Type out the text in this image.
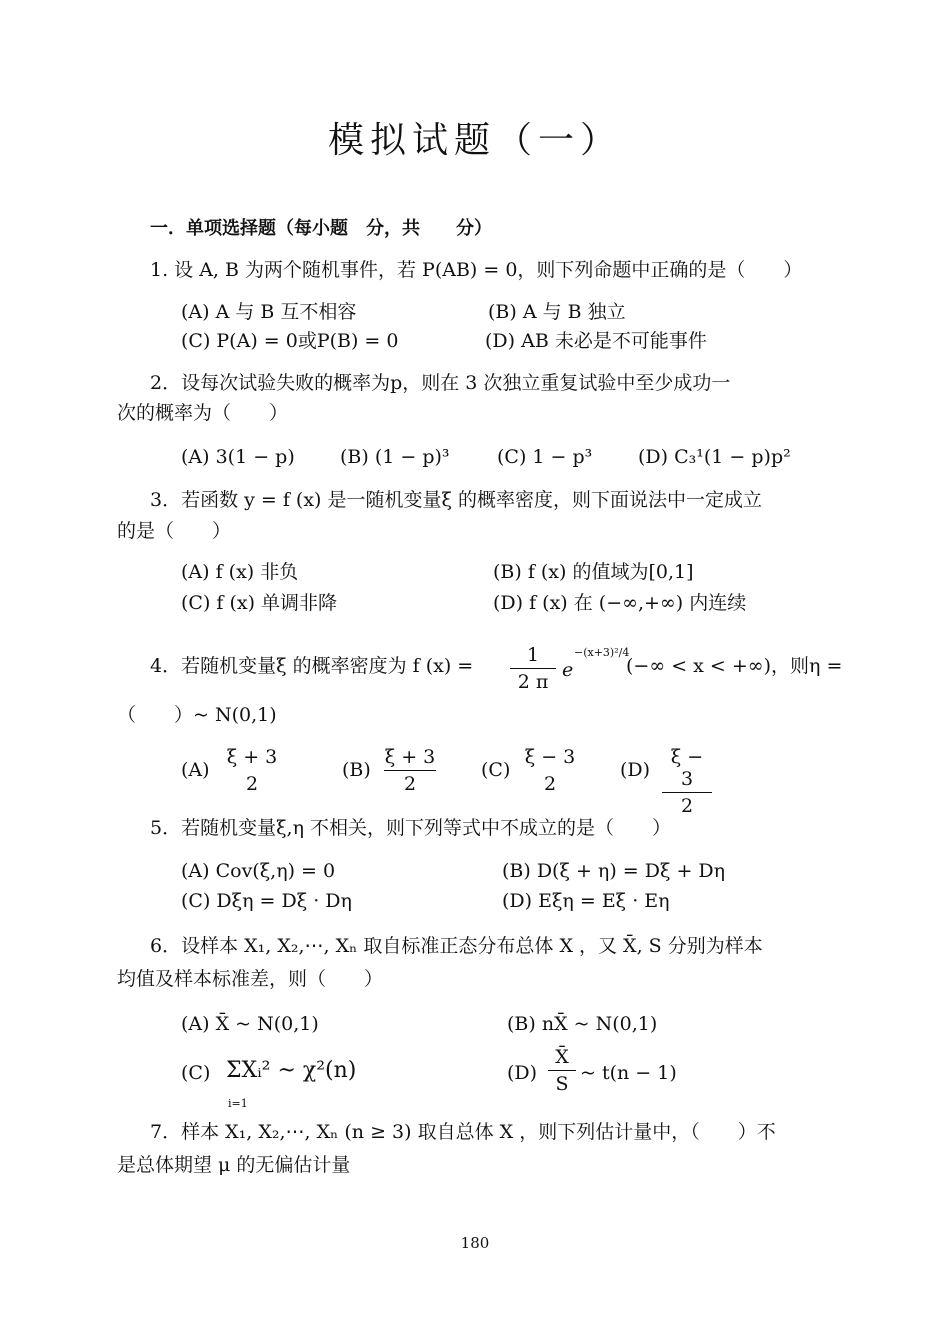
模拟试题（一）
一．单项选择题（每小题　分，共　　分）
1. 设 A, B 为两个随机事件，若 P(AB) = 0，则下列命题中正确的是（　　）
(A) A 与 B 互不相容	(B) A 与 B 独立
(C) P(A) = 0或P(B) = 0	(D) AB 未必是不可能事件
2．设每次试验失败的概率为p，则在 3 次独立重复试验中至少成功一
次的概率为（　　）
(A) 3(1 − p) (B) (1 − p)³ (C) 1 − p³ (D) C₃¹(1 − p)p²
3．若函数 y = f (x) 是一随机变量ξ 的概率密度，则下面说法中一定成立
的是（　　）
(A) f (x) 非负	(B) f (x) 的值域为[0,1]
(C) f (x) 单调非降	(D) f (x) 在 (−∞,+∞) 内连续
4．若随机变量ξ 的概率密度为 f (x) =	1
2 π
e
−(x+3)²/4
(−∞ < x < +∞)，则η =
（　　）~ N(0,1)
(A)
ξ + 3
2
(B)
ξ + 3
2
(C)
ξ − 3
2
(D)
ξ − 3
2
5．若随机变量ξ,η 不相关，则下列等式中不成立的是（　　）
(A) Cov(ξ,η) = 0	(B) D(ξ + η) = Dξ + Dη
(C) Dξη = Dξ · Dη	(D) Eξη = Eξ · Eη
6．设样本 X₁, X₂,⋯, Xₙ 取自标准正态分布总体 X ，又 X̄, S 分别为样本
均值及样本标准差，则（　　）
(A) X̄ ~ N(0,1)	(B) nX̄ ~ N(0,1)
(C) ΣXᵢ² ~ χ²(n)
i=1
(D)
X̄
S ~ t(n − 1)
7．样本 X₁, X₂,⋯, Xₙ (n ≥ 3) 取自总体 X ，则下列估计量中，（　　）不
是总体期望 μ 的无偏估计量
180
